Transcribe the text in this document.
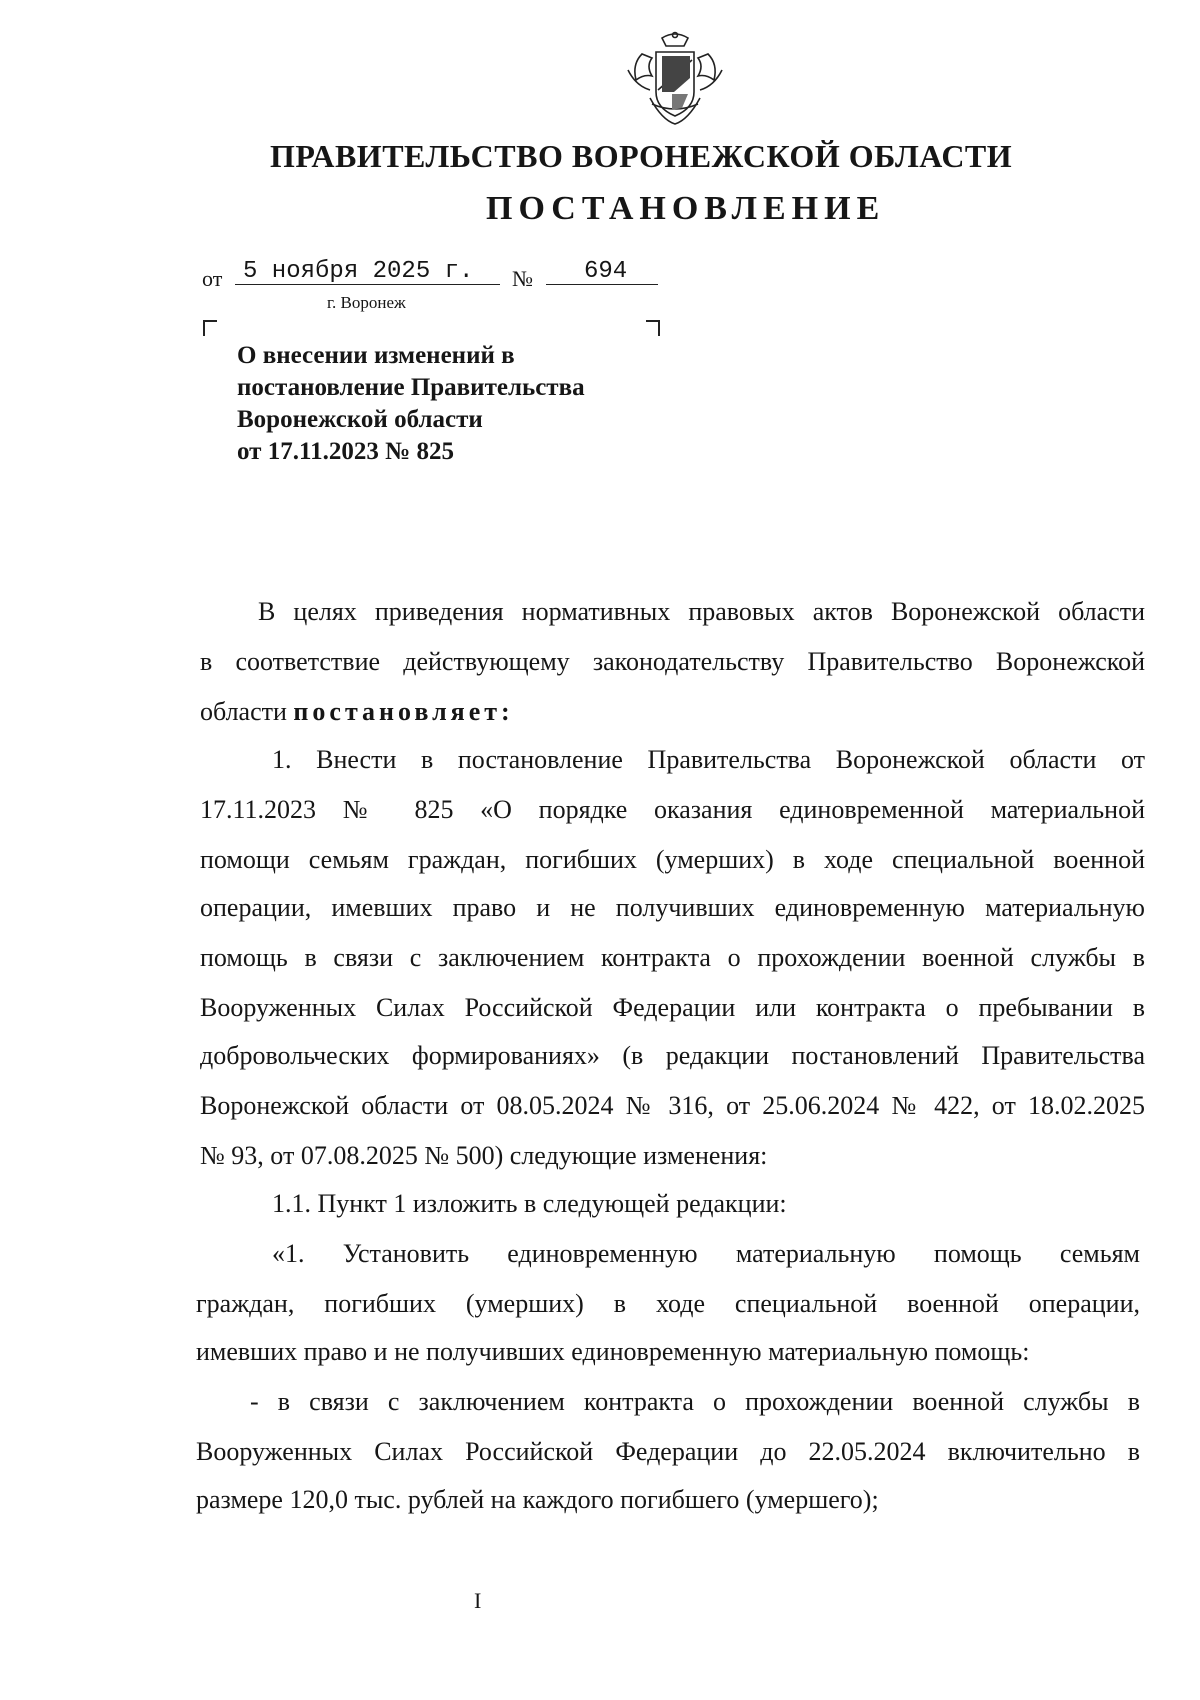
ПРАВИТЕЛЬСТВО ВОРОНЕЖСКОЙ ОБЛАСТИ
ПОСТАНОВЛЕНИЕ
от 5 ноября 2025 г.	№	694
г. Воронеж
О внесении изменений в
постановление Правительства
Воронежской области
от 17.11.2023 № 825
В целях приведения нормативных правовых актов Воронежской области
в соответствие действующему законодательству Правительство Воронежской
области постановляет:
1. Внести в постановление Правительства Воронежской области от
17.11.2023 № 825 «О порядке оказания единовременной материальной
помощи семьям граждан, погибших (умерших) в ходе специальной военной
операции, имевших право и не получивших единовременную материальную
помощь в связи с заключением контракта о прохождении военной службы в
Вооруженных Силах Российской Федерации или контракта о пребывании в
добровольческих формированиях» (в редакции постановлений Правительства
Воронежской области от 08.05.2024 № 316, от 25.06.2024 № 422, от 18.02.2025
№ 93, от 07.08.2025 № 500) следующие изменения:
1.1. Пункт 1 изложить в следующей редакции:
«1. Установить единовременную материальную помощь семьям
граждан, погибших (умерших) в ходе специальной военной операции,
имевших право и не получивших единовременную материальную помощь:
- в связи с заключением контракта о прохождении военной службы в
Вооруженных Силах Российской Федерации до 22.05.2024 включительно в
размере 120,0 тыс. рублей на каждого погибшего (умершего);
I
